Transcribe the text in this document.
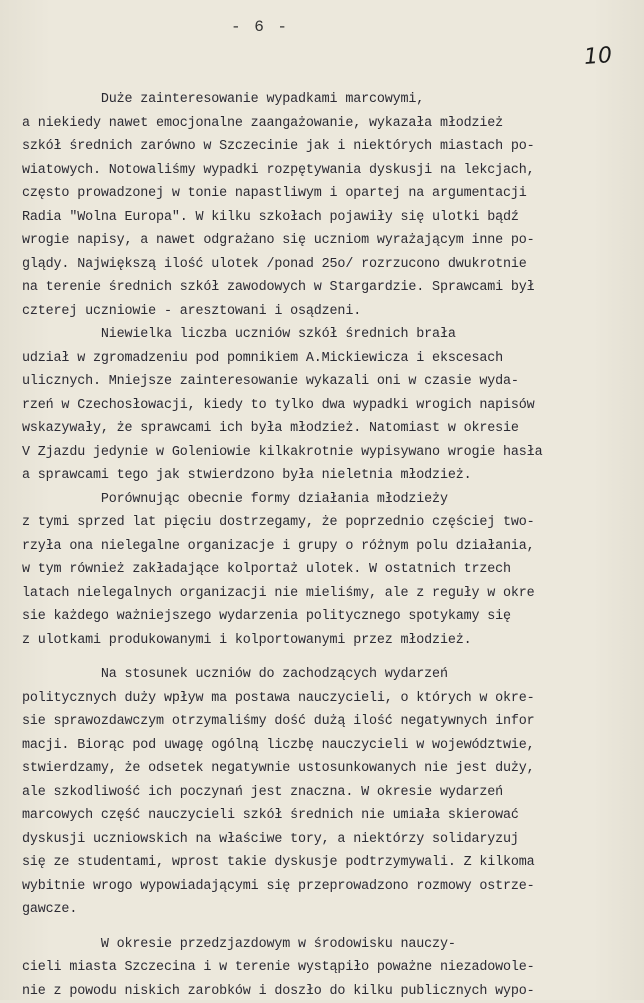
- 6 -
10
Duże zainteresowanie wypadkami marcowymi,
a niekiedy nawet emocjonalne zaangażowanie, wykazała młodzież
szkół średnich zarówno w Szczecinie jak i niektórych miastach po-
wiatowych. Notowaliśmy wypadki rozpętywania dyskusji na lekcjach,
często prowadzonej w tonie napastliwym i opartej na argumentacji
Radia "Wolna Europa". W kilku szkołach pojawiły się ulotki bądź
wrogie napisy, a nawet odgrażano się uczniom wyrażającym inne po-
glądy. Największą ilość ulotek /ponad 25o/ rozrzucono dwukrotnie
na terenie średnich szkół zawodowych w Stargardzie. Sprawcami był
czterej uczniowie - aresztowani i osądzeni.
Niewielka liczba uczniów szkół średnich brała
udział w zgromadzeniu pod pomnikiem A.Mickiewicza i ekscesach
ulicznych. Mniejsze zainteresowanie wykazali oni w czasie wyda-
rzeń w Czechosłowacji, kiedy to tylko dwa wypadki wrogich napisów
wskazywały, że sprawcami ich była młodzież. Natomiast w okresie
V Zjazdu jedynie w Goleniowie kilkakrotnie wypisywano wrogie hasła
a sprawcami tego jak stwierdzono była nieletnia młodzież.
Porównując obecnie formy działania młodzieży
z tymi sprzed lat pięciu dostrzegamy, że poprzednio częściej two-
rzyła ona nielegalne organizacje i grupy o różnym polu działania,
w tym również zakładające kolportaż ulotek. W ostatnich trzech
latach nielegalnych organizacji nie mieliśmy, ale z reguły w okre
sie każdego ważniejszego wydarzenia politycznego spotykamy się
z ulotkami produkowanymi i kolportowanymi przez młodzież.
Na stosunek uczniów do zachodzących wydarzeń
politycznych duży wpływ ma postawa nauczycieli, o których w okre-
sie sprawozdawczym otrzymaliśmy dość dużą ilość negatywnych infor
macji. Biorąc pod uwagę ogólną liczbę nauczycieli w województwie,
stwierdzamy, że odsetek negatywnie ustosunkowanych nie jest duży,
ale szkodliwość ich poczynań jest znaczna. W okresie wydarzeń
marcowych część nauczycieli szkół średnich nie umiała skierować
dyskusji uczniowskich na właściwe tory, a niektórzy solidaryzuj
się ze studentami, wprost takie dyskusje podtrzymywali. Z kilkoma
wybitnie wrogo wypowiadającymi się przeprowadzono rozmowy ostrze-
gawcze.
W okresie przedzjazdowym w środowisku nauczy-
cieli miasta Szczecina i w terenie wystąpiło poważne niezadowole-
nie z powodu niskich zarobków i doszło do kilku publicznych wypo-
